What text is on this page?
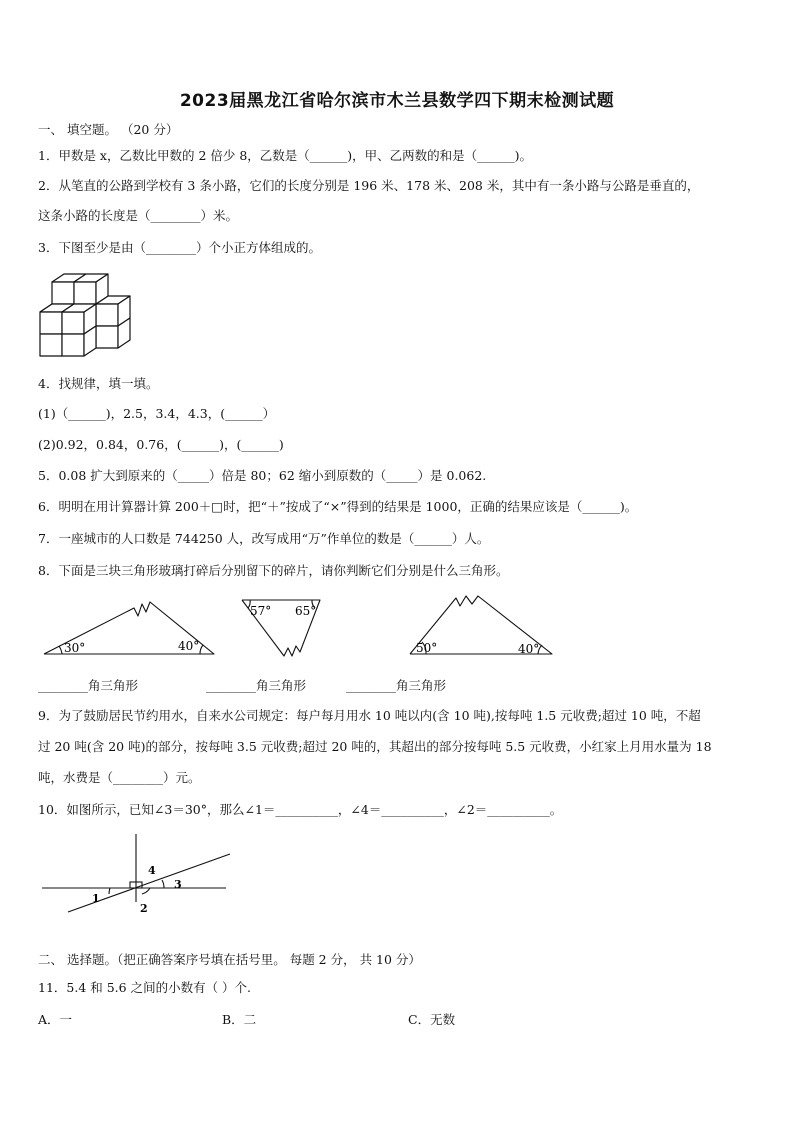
2023届黑龙江省哈尔滨市木兰县数学四下期末检测试题
一、 填空题。 （20 分）
1．甲数是 x，乙数比甲数的 2 倍少 8，乙数是（______)，甲、乙两数的和是（______)。
2．从笔直的公路到学校有 3 条小路，它们的长度分别是 196 米、178 米、208 米，其中有一条小路与公路是垂直的，
这条小路的长度是（________）米。
3．下图至少是由（________）个小正方体组成的。
4．找规律，填一填。
(1)（______)，2.5，3.4，4.3，(______）
(2)0.92，0.84，0.76，(______)，(______)
5．0.08 扩大到原来的（_____）倍是 80；62 缩小到原数的（_____）是 0.062.
6．明明在用计算器计算 200＋□时，把“＋”按成了“×”得到的结果是 1000，正确的结果应该是（______)。
7．一座城市的人口数是 744250 人，改写成用“万”作单位的数是（______）人。
8．下面是三块三角形玻璃打碎后分别留下的碎片，请你判断它们分别是什么三角形。
30°	40°
57° 65°
50°	40°
________角三角形	________角三角形	________角三角形
9．为了鼓励居民节约用水，自来水公司规定：每户每月用水 10 吨以内(含 10 吨),按每吨 1.5 元收费;超过 10 吨，不超
过 20 吨(含 20 吨)的部分，按每吨 3.5 元收费;超过 20 吨的，其超出的部分按每吨 5.5 元收费，小红家上月用水量为 18
吨，水费是（________）元。
10．如图所示，已知∠3＝30°，那么∠1＝__________，∠4＝__________，∠2＝__________。
1
2
3
4
二、 选择题。（把正确答案序号填在括号里。 每题 2 分， 共 10 分）
11．5.4 和 5.6 之间的小数有（ ）个.
A．一	B．二	C．无数
